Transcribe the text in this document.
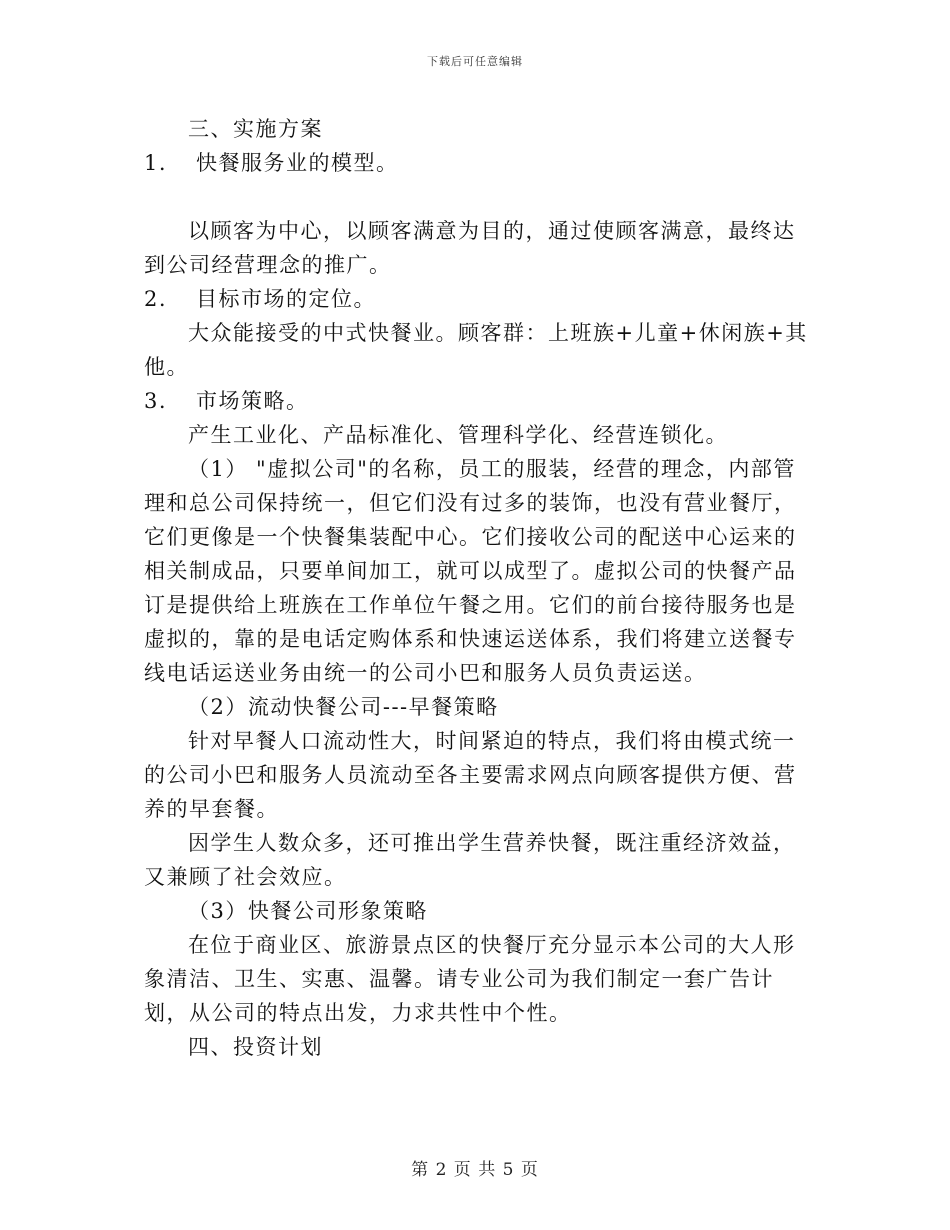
下载后可任意编辑

三、实施方案

1. 快餐服务业的模型。

以顾客为中心，以顾客满意为目的，通过使顾客满意，最终达到公司经营理念的推广。

2. 目标市场的定位。

大众能接受的中式快餐业。顾客群：上班族+儿童+休闲族+其他。

3. 市场策略。

产生工业化、产品标准化、管理科学化、经营连锁化。

（1） "虚拟公司"的名称，员工的服装，经营的理念，内部管理和总公司保持统一，但它们没有过多的装饰，也没有营业餐厅，它们更像是一个快餐集装配中心。它们接收公司的配送中心运来的相关制成品，只要单间加工，就可以成型了。虚拟公司的快餐产品订是提供给上班族在工作单位午餐之用。它们的前台接待服务也是虚拟的，靠的是电话定购体系和快速运送体系，我们将建立送餐专线电话运送业务由统一的公司小巴和服务人员负责运送。

（2）流动快餐公司---早餐策略

针对早餐人口流动性大，时间紧迫的特点，我们将由模式统一的公司小巴和服务人员流动至各主要需求网点向顾客提供方便、营养的早套餐。

因学生人数众多，还可推出学生营养快餐，既注重经济效益，又兼顾了社会效应。

（3）快餐公司形象策略

在位于商业区、旅游景点区的快餐厅充分显示本公司的大人形象清洁、卫生、实惠、温馨。请专业公司为我们制定一套广告计划，从公司的特点出发，力求共性中个性。

四、投资计划

第 2 页 共 5 页
